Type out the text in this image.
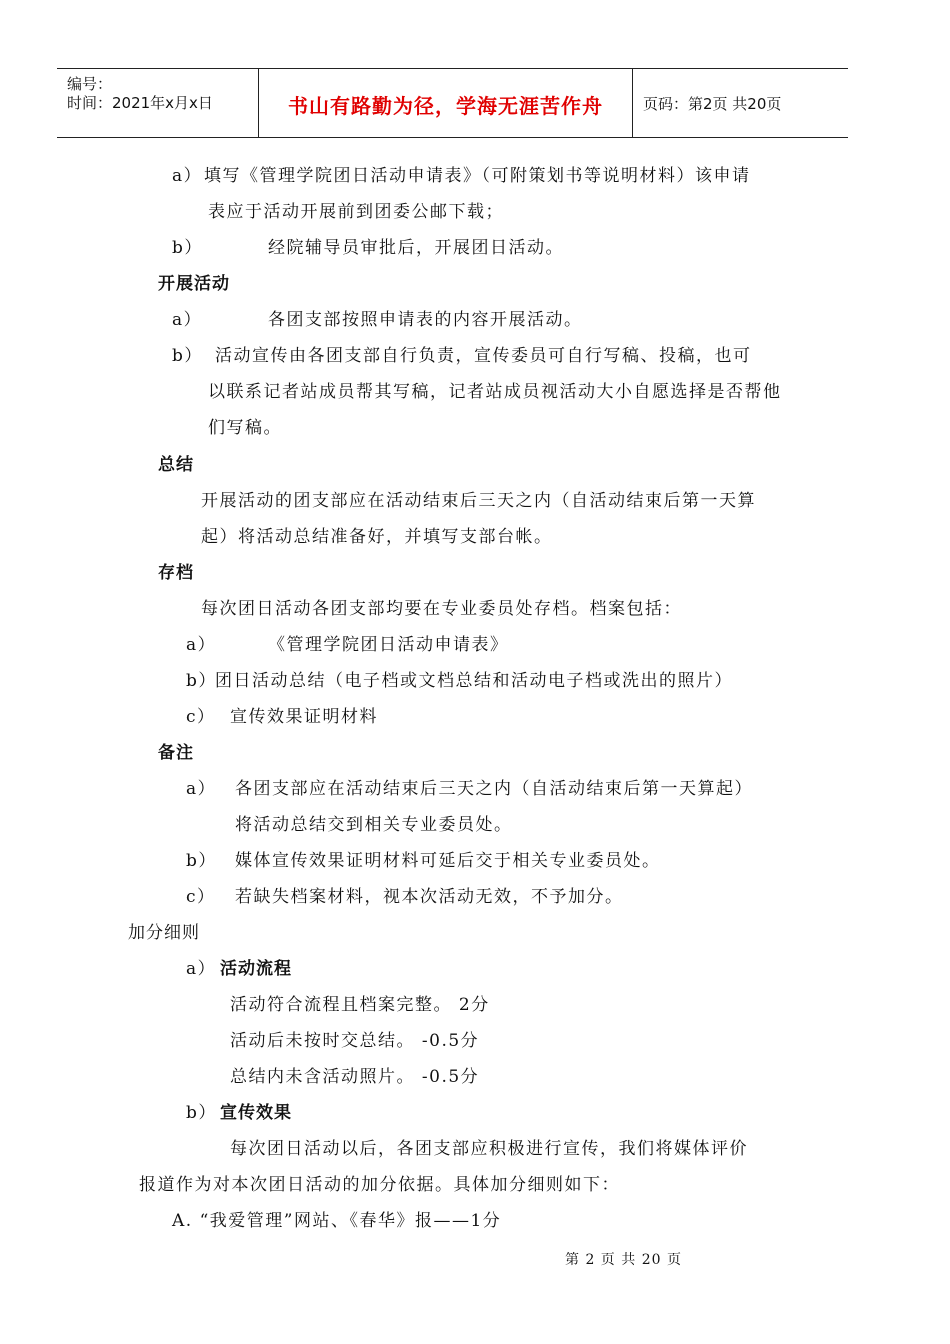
编号：
时间：2021年x月x日	书山有路勤为径，学海无涯苦作舟	页码：第2页 共20页
a） 填写《管理学院团日活动申请表》（可附策划书等说明材料）该申请
表应于活动开展前到团委公邮下载；
b）	经院辅导员审批后，开展团日活动。
开展活动
a）	各团支部按照申请表的内容开展活动。
b） 活动宣传由各团支部自行负责，宣传委员可自行写稿、投稿，也可
以联系记者站成员帮其写稿，记者站成员视活动大小自愿选择是否帮他
们写稿。
总结
开展活动的团支部应在活动结束后三天之内（自活动结束后第一天算
起）将活动总结准备好，并填写支部台帐。
存档
每次团日活动各团支部均要在专业委员处存档。档案包括：
a）	《管理学院团日活动申请表》
b）
团日活动总结（电子档或文档总结和活动电子档或洗出的照片）
c） 宣传效果证明材料
备注
a） 各团支部应在活动结束后三天之内（自活动结束后第一天算起）
将活动总结交到相关专业委员处。
b） 媒体宣传效果证明材料可延后交于相关专业委员处。
c） 若缺失档案材料，视本次活动无效，不予加分。
加分细则
a） 活动流程
活动符合流程且档案完整。 2分
活动后未按时交总结。 -0.5分
总结内未含活动照片。 -0.5分
b） 宣传效果
每次团日活动以后，各团支部应积极进行宣传，我们将媒体评价
报道作为对本次团日活动的加分依据。具体加分细则如下：
A. “我爱管理”网站、《春华》报——1分
第 2 页 共 20 页
